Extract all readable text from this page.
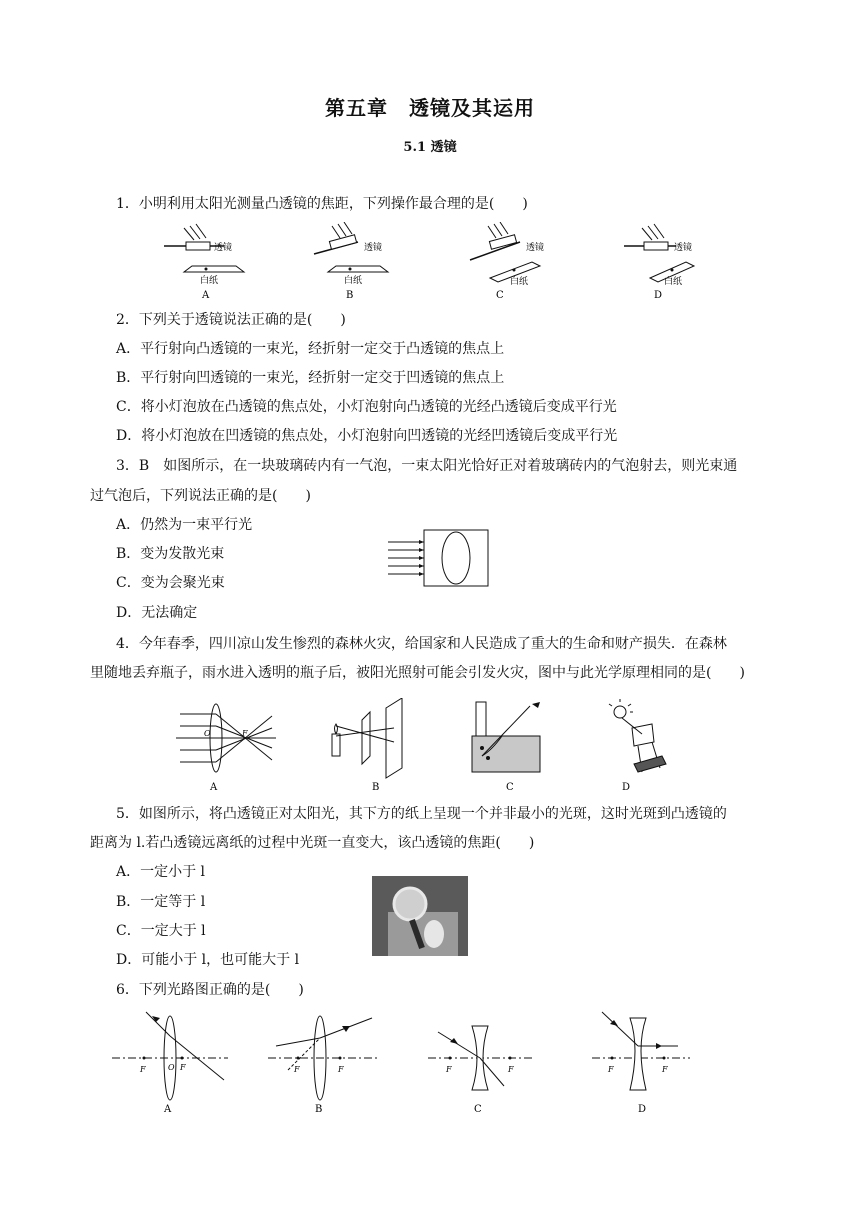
第五章　透镜及其运用
5.1 透镜
1．小明利用太阳光测量凸透镜的焦距，下列操作最合理的是(　　)
透镜
白纸
A
透镜
白纸
B
透镜
白纸
C
透镜
白纸
D
2．下列关于透镜说法正确的是(　　)
A．平行射向凸透镜的一束光，经折射一定交于凸透镜的焦点上
B．平行射向凹透镜的一束光，经折射一定交于凹透镜的焦点上
C．将小灯泡放在凸透镜的焦点处，小灯泡射向凸透镜的光经凸透镜后变成平行光
D．将小灯泡放在凹透镜的焦点处，小灯泡射向凹透镜的光经凹透镜后变成平行光
3．B　如图所示，在一块玻璃砖内有一气泡，一束太阳光恰好正对着玻璃砖内的气泡射去，则光束通
过气泡后，下列说法正确的是(　　)
A．仍然为一束平行光
B．变为发散光束
C．变为会聚光束
D．无法确定
4．今年春季，四川凉山发生惨烈的森林火灾，给国家和人民造成了重大的生命和财产损失．在森林
里随地丢弃瓶子，雨水进入透明的瓶子后，被阳光照射可能会引发火灾，图中与此光学原理相同的是(　　)
O	F
A	B	C	D
5．如图所示，将凸透镜正对太阳光，其下方的纸上呈现一个并非最小的光斑，这时光斑到凸透镜的
距离为 l.若凸透镜远离纸的过程中光斑一直变大，该凸透镜的焦距(　　)
A．一定小于 l
B．一定等于 l
C．一定大于 l
D．可能小于 l，也可能大于 l
6．下列光路图正确的是(　　)
F	O F
A
F	F
B
F	F
C
F	F
D
